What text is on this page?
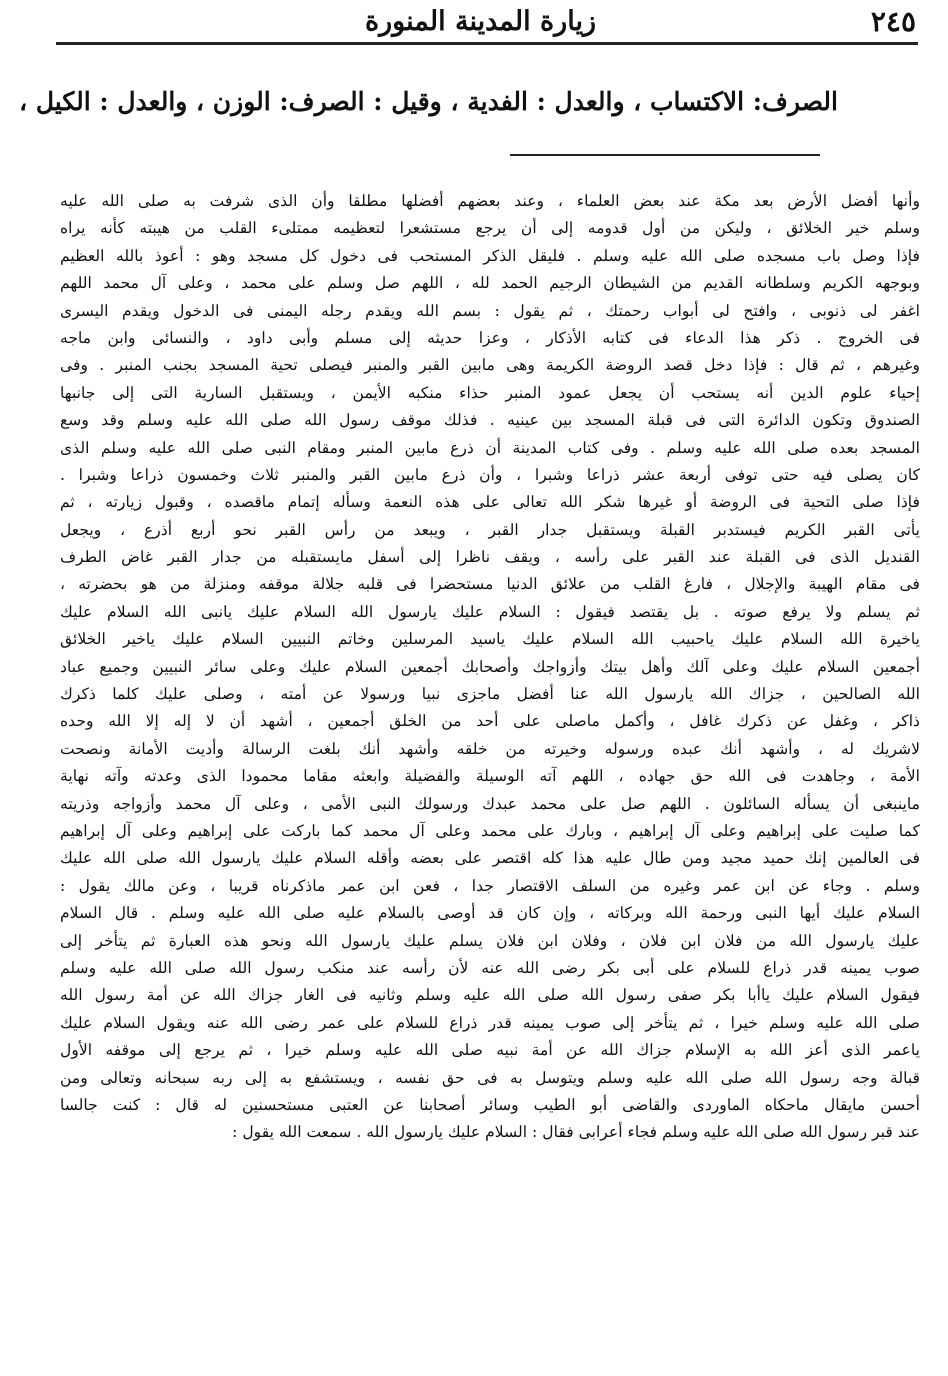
٢٤٥
زيارة المدينة المنورة
الصرف: الاكتساب ، والعدل : الفدية ، وقيل : الصرف: الوزن ، والعدل : الكيل ،
وأنها أفضل الأرض بعد مكة عند بعض العلماء ، وعند بعضهم أفضلها مطلقا وأن الذى شرفت به صلى الله عليه
وسلم خير الخلائق ، وليكن من أول قدومه إلى أن يرجع مستشعرا لتعظيمه ممتلىء القلب من هيبته كأنه يراه
فإذا وصل باب مسجده صلى الله عليه وسلم . فليقل الذكر المستحب فى دخول كل مسجد وهو : أعوذ بالله العظيم
وبوجهه الكريم وسلطانه القديم من الشيطان الرجيم الحمد لله ، اللهم صل وسلم على محمد ، وعلى آل محمد اللهم
اغفر لى ذنوبى ، وافتح لى أبواب رحمتك ، ثم يقول : بسم الله ويقدم رجله اليمنى فى الدخول ويقدم اليسرى
فى الخروج . ذكر هذا الدعاء فى كتابه الأذكار ، وعزا حديثه إلى مسلم وأبى داود ، والنسائى وابن ماجه
وغيرهم ، ثم قال : فإذا دخل قصد الروضة الكريمة وهى مابين القبر والمنبر فيصلى تحية المسجد بجنب المنبر . وفى
إحياء علوم الدين أنه يستحب أن يجعل عمود المنبر حذاء منكبه الأيمن ، ويستقبل السارية التى إلى جانبها
الصندوق وتكون الدائرة التى فى قبلة المسجد بين عينيه . فذلك موقف رسول الله صلى الله عليه وسلم وقد وسع
المسجد بعده صلى الله عليه وسلم . وفى كتاب المدينة أن ذرع مابين المنبر ومقام النبى صلى الله عليه وسلم الذى
كان يصلى فيه حتى توفى أربعة عشر ذراعا وشبرا ، وأن ذرع مابين القبر والمنبر ثلاث وخمسون ذراعا وشبرا .
فإذا صلى التحية فى الروضة أو غيرها شكر الله تعالى على هذه النعمة وسأله إتمام ماقصده ، وقبول زيارته ، ثم
يأتى القبر الكريم فيستدبر القبلة ويستقبل جدار القبر ، ويبعد من رأس القبر نحو أربع أذرع ، ويجعل
القنديل الذى فى القبلة عند القبر على رأسه ، ويقف ناظرا إلى أسفل مايستقبله من جدار القبر غاض الطرف
فى مقام الهيبة والإجلال ، فارغ القلب من علائق الدنيا مستحضرا فى قلبه جلالة موقفه ومنزلة من هو بحضرته ،
ثم يسلم ولا يرفع صوته . بل يقتصد فيقول : السلام عليك يارسول الله السلام عليك يانبى الله السلام عليك
ياخيرة الله السلام عليك ياحبيب الله السلام عليك ياسيد المرسلين وخاتم النبيين السلام عليك ياخير الخلائق
أجمعين السلام عليك وعلى آلك وأهل بيتك وأزواجك وأصحابك أجمعين السلام عليك وعلى سائر النبيين وجميع عباد
الله الصالحين ، جزاك الله يارسول الله عنا أفضل ماجزى نبيا ورسولا عن أمته ، وصلى عليك كلما ذكرك
ذاكر ، وغفل عن ذكرك غافل ، وأكمل ماصلى على أحد من الخلق أجمعين ، أشهد أن لا إله إلا الله وحده
لاشريك له ، وأشهد أنك عبده ورسوله وخيرته من خلقه وأشهد أنك بلغت الرسالة وأديت الأمانة ونصحت
الأمة ، وجاهدت فى الله حق جهاده ، اللهم آته الوسيلة والفضيلة وابعثه مقاما محمودا الذى وعدته وآته نهاية
ماينبغى أن يسأله السائلون . اللهم صل على محمد عبدك ورسولك النبى الأمى ، وعلى آل محمد وأزواجه وذريته
كما صليت على إبراهيم وعلى آل إبراهيم ، وبارك على محمد وعلى آل محمد كما باركت على إبراهيم وعلى آل إبراهيم
فى العالمين إنك حميد مجيد ومن طال عليه هذا كله اقتصر على بعضه وأقله السلام عليك يارسول الله صلى الله عليك
وسلم . وجاء عن ابن عمر وغيره من السلف الاقتصار جدا ، فعن ابن عمر ماذكرناه قريبا ، وعن مالك يقول :
السلام عليك أيها النبى ورحمة الله وبركاته ، وإن كان قد أوصى بالسلام عليه صلى الله عليه وسلم . قال السلام
عليك يارسول الله من فلان ابن فلان ، وفلان ابن فلان يسلم عليك يارسول الله ونحو هذه العبارة ثم يتأخر إلى
صوب يمينه قدر ذراع للسلام على أبى بكر رضى الله عنه لأن رأسه عند منكب رسول الله صلى الله عليه وسلم
فيقول السلام عليك ياأبا بكر صفى رسول الله صلى الله عليه وسلم وثانيه فى الغار جزاك الله عن أمة رسول الله
صلى الله عليه وسلم خيرا ، ثم يتأخر إلى صوب يمينه قدر ذراع للسلام على عمر رضى الله عنه ويقول السلام عليك
ياعمر الذى أعز الله به الإسلام جزاك الله عن أمة نبيه صلى الله عليه وسلم خيرا ، ثم يرجع إلى موقفه الأول
قبالة وجه رسول الله صلى الله عليه وسلم ويتوسل به فى حق نفسه ، ويستشفع به إلى ربه سبحانه وتعالى ومن
أحسن مايقال ماحكاه الماوردى والقاضى أبو الطيب وسائر أصحابنا عن العتبى مستحسنين له قال : كنت جالسا
عند قبر رسول الله صلى الله عليه وسلم فجاء أعرابى فقال : السلام عليك يارسول الله . سمعت الله يقول :
